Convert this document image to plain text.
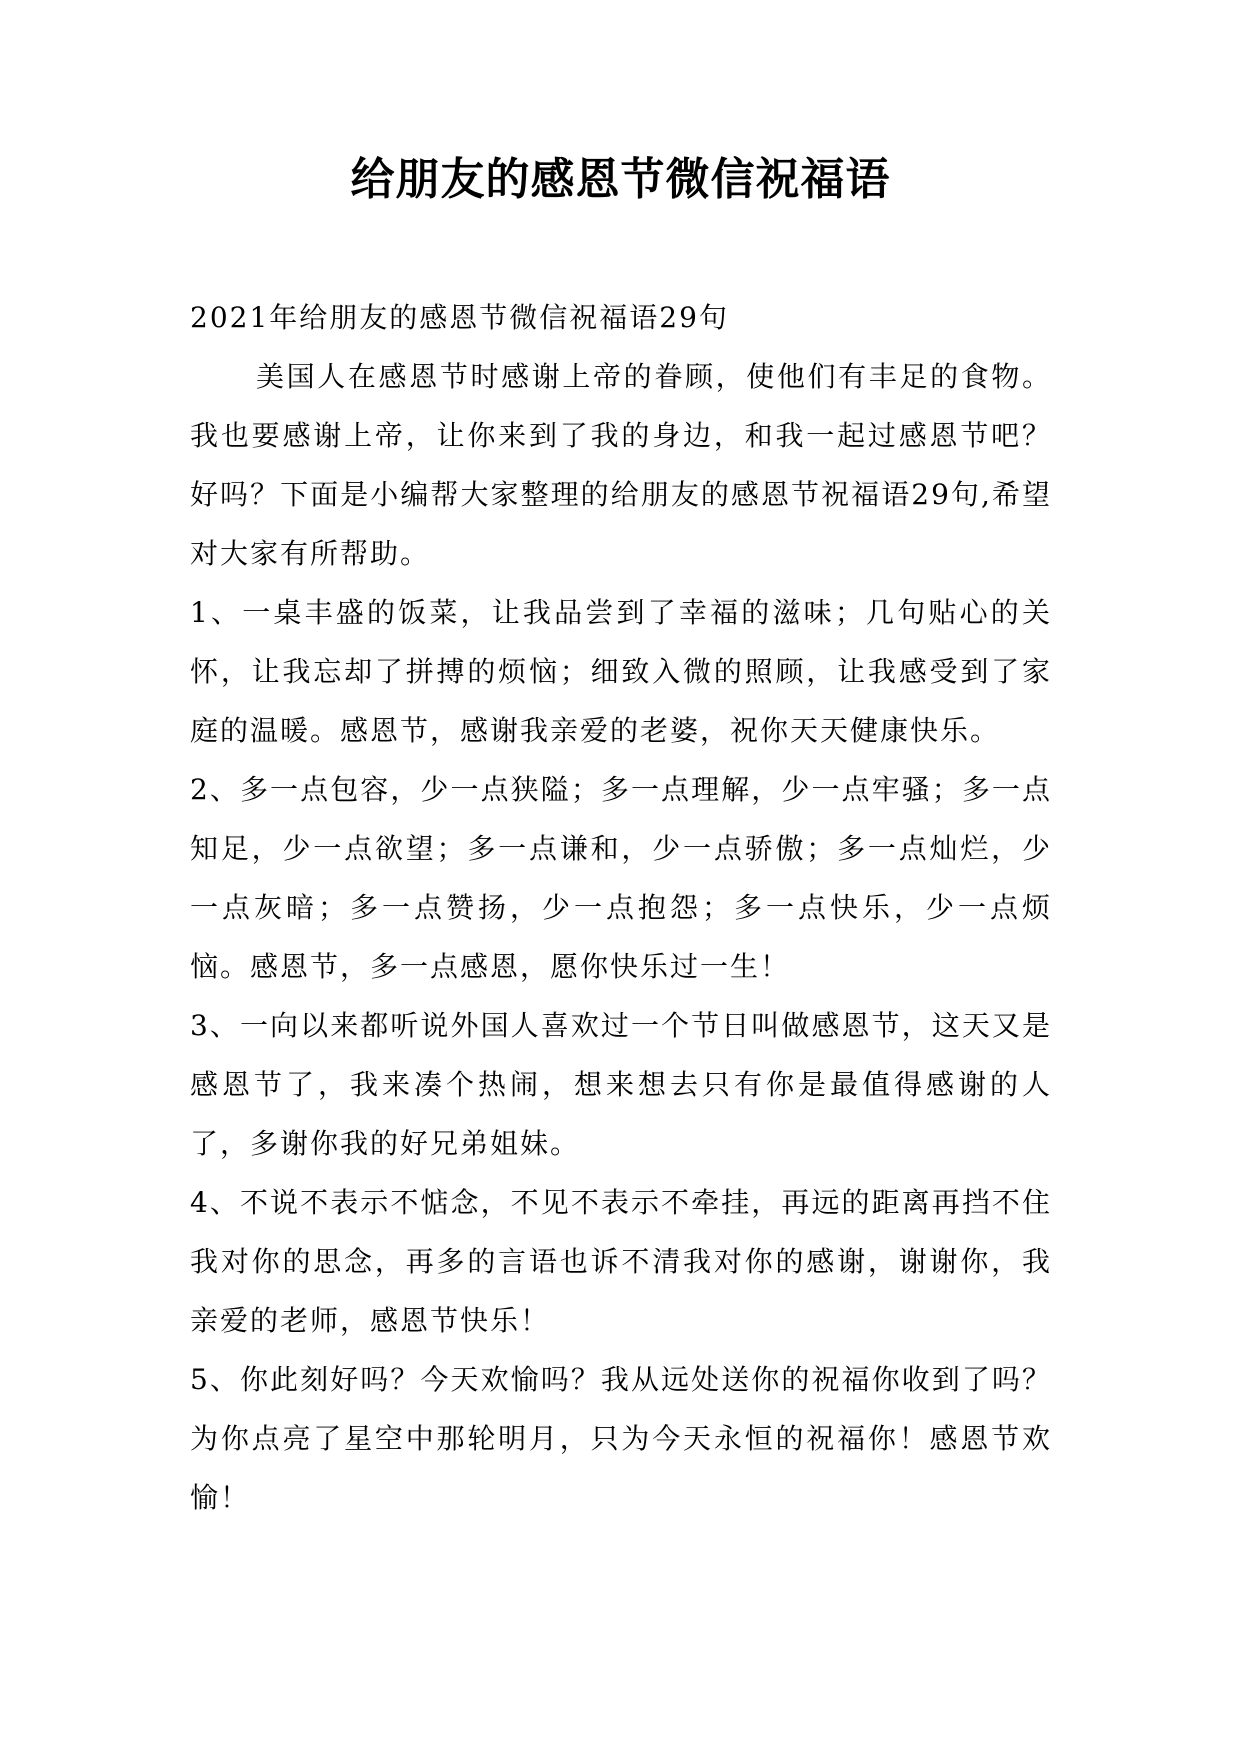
给朋友的感恩节微信祝福语

2021年给朋友的感恩节微信祝福语29句

美国人在感恩节时感谢上帝的眷顾，使他们有丰足的食物。我也要感谢上帝，让你来到了我的身边，和我一起过感恩节吧？好吗？下面是小编帮大家整理的给朋友的感恩节祝福语29句,希望对大家有所帮助。

1、一桌丰盛的饭菜，让我品尝到了幸福的滋味；几句贴心的关怀，让我忘却了拼搏的烦恼；细致入微的照顾，让我感受到了家庭的温暖。感恩节，感谢我亲爱的老婆，祝你天天健康快乐。

2、多一点包容，少一点狭隘；多一点理解，少一点牢骚；多一点知足，少一点欲望；多一点谦和，少一点骄傲；多一点灿烂，少一点灰暗；多一点赞扬，少一点抱怨；多一点快乐，少一点烦恼。感恩节，多一点感恩，愿你快乐过一生！

3、一向以来都听说外国人喜欢过一个节日叫做感恩节，这天又是感恩节了，我来凑个热闹，想来想去只有你是最值得感谢的人了，多谢你我的好兄弟姐妹。

4、不说不表示不惦念，不见不表示不牵挂，再远的距离再挡不住我对你的思念，再多的言语也诉不清我对你的感谢，谢谢你，我亲爱的老师，感恩节快乐！

5、你此刻好吗？今天欢愉吗？我从远处送你的祝福你收到了吗？为你点亮了星空中那轮明月，只为今天永恒的祝福你！感恩节欢愉！
